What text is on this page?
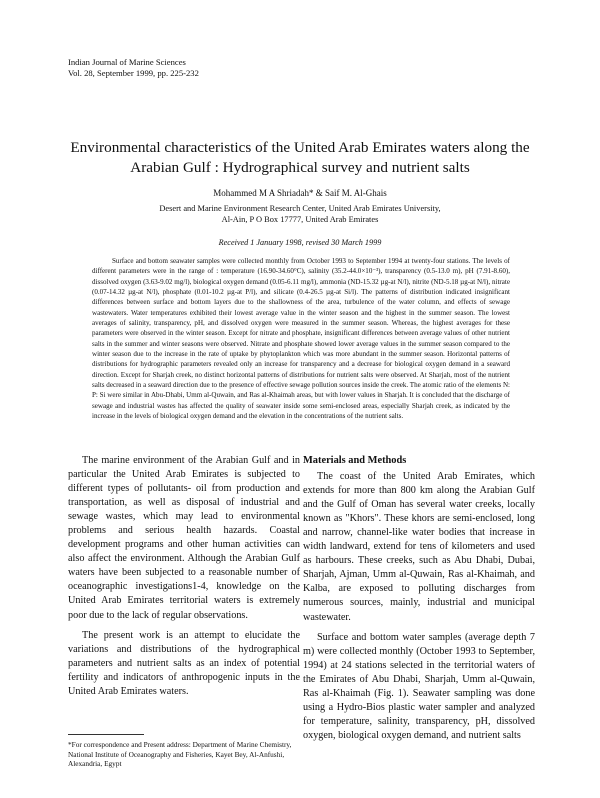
Indian Journal of Marine Sciences
Vol. 28, September 1999, pp. 225-232
Environmental characteristics of the United Arab Emirates waters along the Arabian Gulf : Hydrographical survey and nutrient salts
Mohammed M A Shriadah* & Saif M. Al-Ghais
Desert and Marine Environment Research Center, United Arab Emirates University,
Al-Ain, P O Box 17777, United Arab Emirates
Received 1 January 1998, revised 30 March 1999

Surface and bottom seawater samples were collected monthly from October 1993 to September 1994 at twenty-four stations. The levels of different parameters were in the range of : temperature (16.90-34.60°C), salinity (35.2-44.0×10⁻³), transparency (0.5-13.0 m), pH (7.91-8.60), dissolved oxygen (3.63-9.02 mg/l), biological oxygen demand (0.05-6.11 mg/l), ammonia (ND-15.32 µg-at N/l), nitrite (ND-5.18 µg-at N/l), nitrate (0.07-14.32 µg-at N/l), phosphate (0.01-10.2 µg-at P/l), and silicate (0.4-26.5 µg-at Si/l). The patterns of distribution indicated insignificant differences between surface and bottom layers due to the shallowness of the area, turbulence of the water column, and effects of sewage wastewaters. Water temperatures exhibited their lowest average value in the winter season and the highest in the summer season. The lowest averages of salinity, transparency, pH, and dissolved oxygen were measured in the summer season. Whereas, the highest averages for these parameters were observed in the winter season. Except for nitrate and phosphate, insignificant differences between average values of other nutrient salts in the summer and winter seasons were observed. Nitrate and phosphate showed lower average values in the summer season compared to the winter season due to the increase in the rate of uptake by phytoplankton which was more abundant in the summer season. Horizontal patterns of distributions for hydrographic parameters revealed only an increase for transparency and a decrease for biological oxygen demand in a seaward direction. Except for Sharjah creek, no distinct horizontal patterns of distributions for nutrient salts were observed. At Sharjah, most of the nutrient salts decreased in a seaward direction due to the presence of effective sewage pollution sources inside the creek. The atomic ratio of the elements N: P: Si were similar in Abu-Dhabi, Umm al-Quwain, and Ras al-Khaimah areas, but with lower values in Sharjah. It is concluded that the discharge of sewage and industrial wastes has affected the quality of seawater inside some semi-enclosed areas, especially Sharjah creek, as indicated by the increase in the levels of biological oxygen demand and the elevation in the concentrations of the nutrient salts.

The marine environment of the Arabian Gulf and in particular the United Arab Emirates is subjected to different types of pollutants- oil from production and transportation, as well as disposal of industrial and sewage wastes, which may lead to environmental problems and serious health hazards. Coastal development programs and other human activities can also affect the environment. Although the Arabian Gulf waters have been subjected to a reasonable number of oceanographic investigations1-4, knowledge on the United Arab Emirates territorial waters is extremely poor due to the lack of regular observations.

The present work is an attempt to elucidate the variations and distributions of the hydrographical parameters and nutrient salts as an index of potential fertility and indicators of anthropogenic inputs in the United Arab Emirates waters.

*For correspondence and Present address: Department of Marine Chemistry, National Institute of Oceanography and Fisheries, Kayet Bey, Al-Anfushi, Alexandria, Egypt
Materials and Methods

The coast of the United Arab Emirates, which extends for more than 800 km along the Arabian Gulf and the Gulf of Oman has several water creeks, locally known as "Khors". These khors are semi-enclosed, long and narrow, channel-like water bodies that increase in width landward, extend for tens of kilometers and used as harbours. These creeks, such as Abu Dhabi, Dubai, Sharjah, Ajman, Umm al-Quwain, Ras al-Khaimah, and Kalba, are exposed to polluting discharges from numerous sources, mainly, industrial and municipal wastewater.

Surface and bottom water samples (average depth 7 m) were collected monthly (October 1993 to September, 1994) at 24 stations selected in the territorial waters of the Emirates of Abu Dhabi, Sharjah, Umm al-Quwain, Ras al-Khaimah (Fig. 1). Seawater sampling was done using a Hydro-Bios plastic water sampler and analyzed for temperature, salinity, transparency, pH, dissolved oxygen, biological oxygen demand, and nutrient salts
